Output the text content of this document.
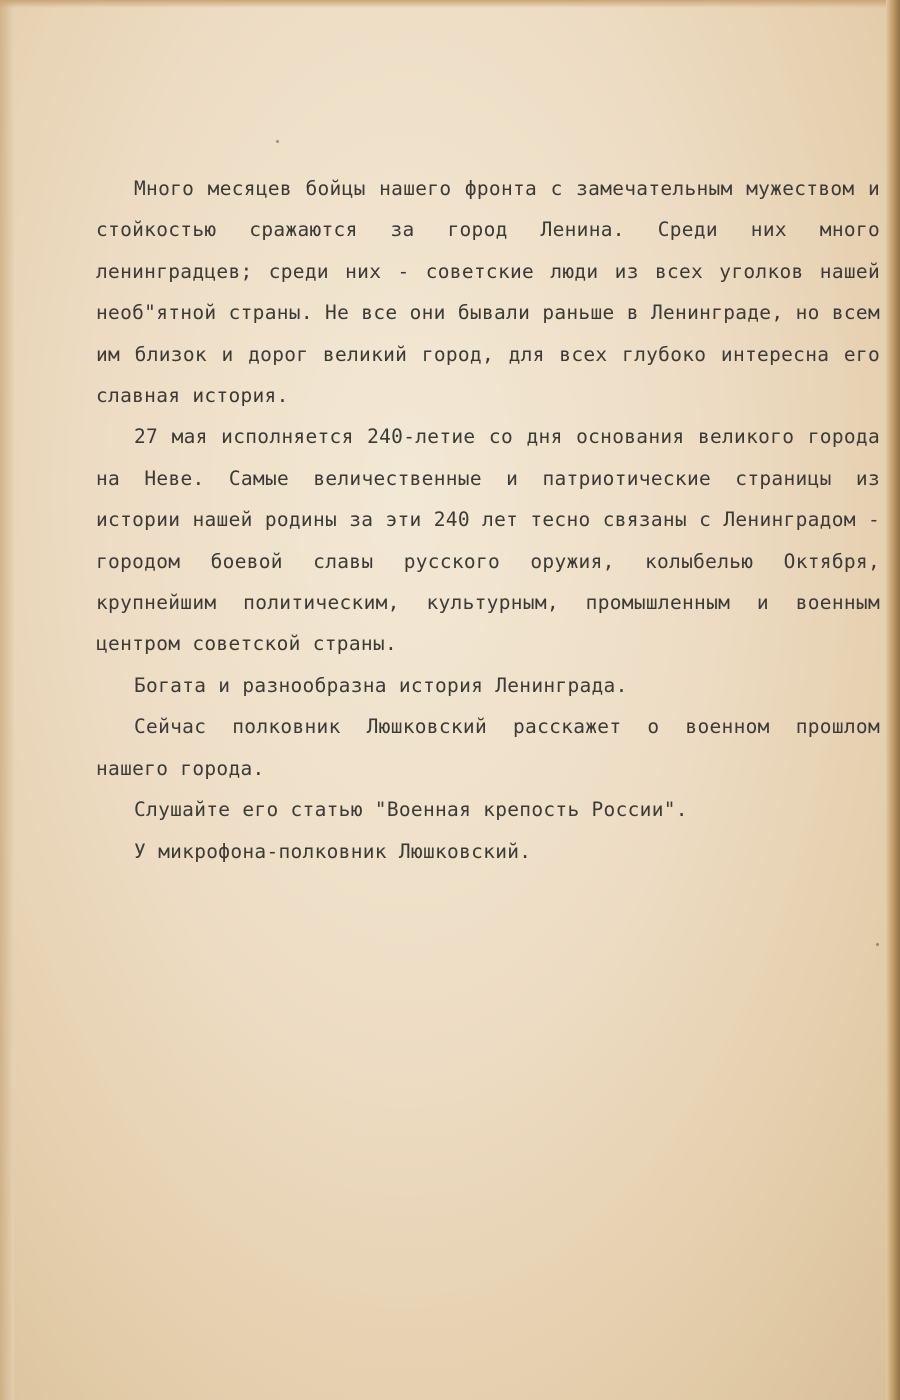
Много месяцев бойцы нашего фронта с замечательным мужеством и стойкостью сражаются за город Ленина. Среди них много ленинградцев; среди них - советские люди из всех уголков нашей необ"ятной страны. Не все они бывали раньше в Ленинграде, но всем им близок и дорог великий город, для всех глубоко интересна его славная история.

27 мая исполняется 240-летие со дня основания великого города на Неве. Самые величественные и патриотические страницы из истории нашей родины за эти 240 лет тесно связаны с Ленинградом - городом боевой славы русского оружия, колыбелью Октября, крупнейшим политическим, культурным, промышленным и военным центром советской страны.

Богата и разнообразна история Ленинграда.

Сейчас полковник Люшковский расскажет о военном прошлом нашего города.

Слушайте его статью "Военная крепость России".

У микрофона-полковник Люшковский.
